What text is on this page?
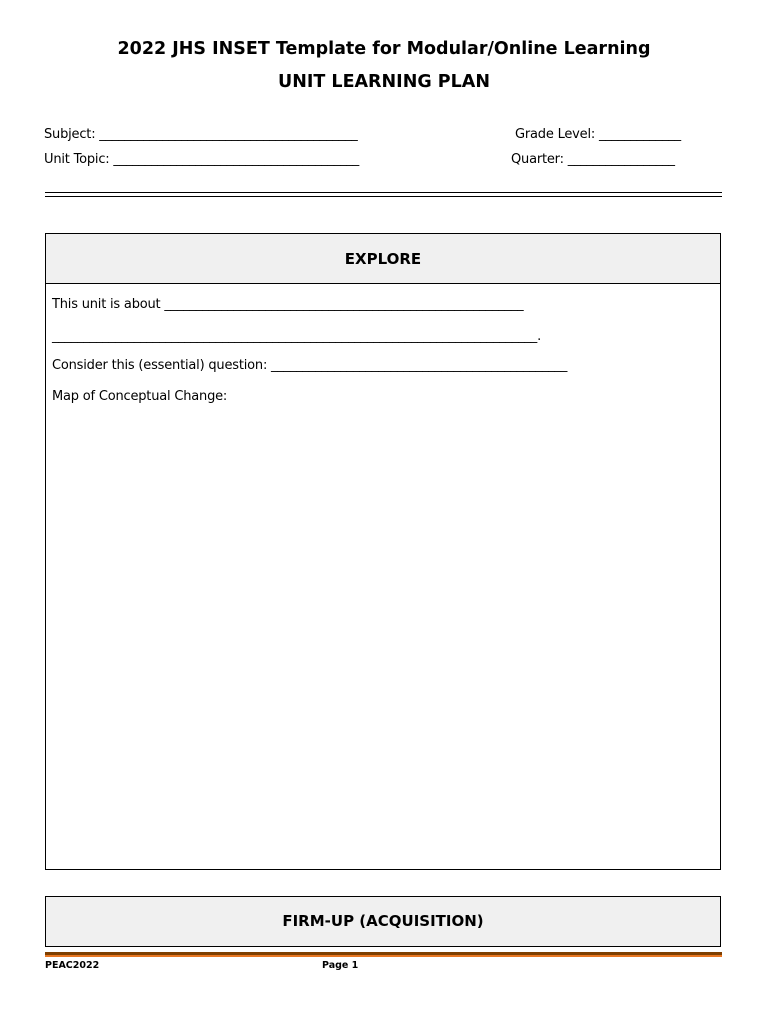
2022 JHS INSET Template for Modular/Online Learning
UNIT LEARNING PLAN
Subject: _________________________________________	Grade Level: _____________
Unit Topic: _______________________________________	Quarter: _________________
EXPLORE
This unit is about _________________________________________________________
_____________________________________________________________________________.
Consider this (essential) question: _______________________________________________
Map of Conceptual Change:
FIRM-UP (ACQUISITION)
PEAC2022	Page 1
